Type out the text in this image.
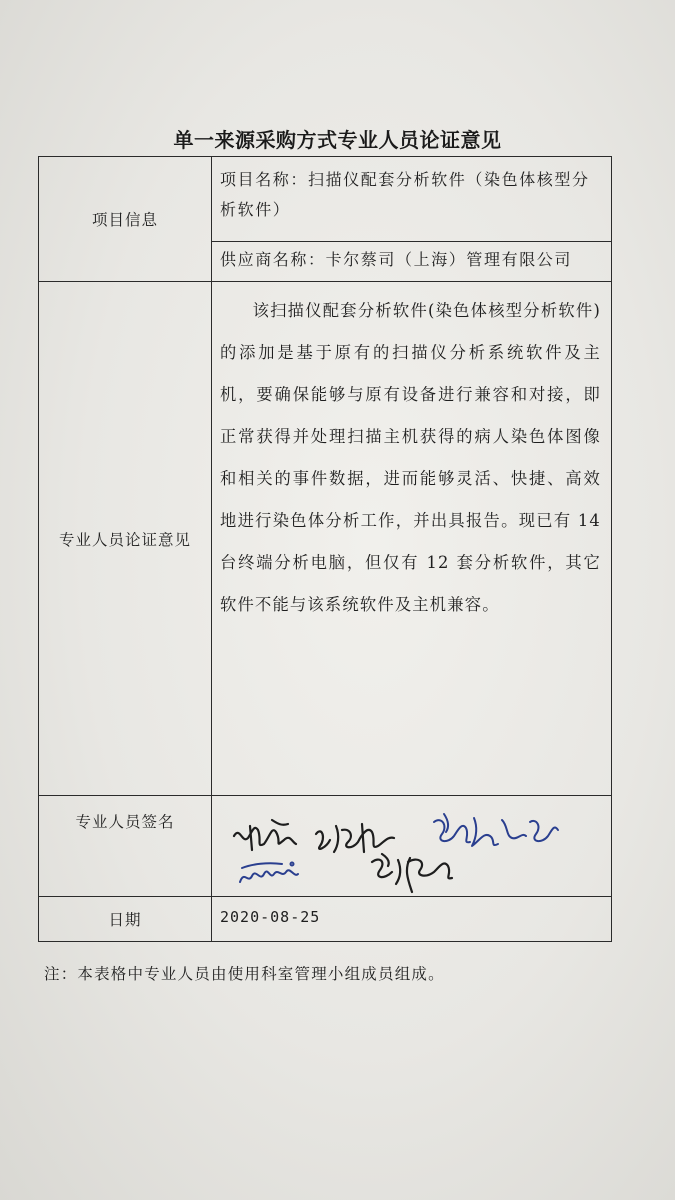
单一来源采购方式专业人员论证意见
项目信息	项目名称：扫描仪配套分析软件（染色体核型分析软件）

	供应商名称：卡尔蔡司（上海）管理有限公司

专业人员论证意见	该扫描仪配套分析软件(染色体核型分析软件)的添加是基于原有的扫描仪分析系统软件及主机，要确保能够与原有设备进行兼容和对接，即正常获得并处理扫描主机获得的病人染色体图像和相关的事件数据，进而能够灵活、快捷、高效地进行染色体分析工作，并出具报告。现已有 14 台终端分析电脑，但仅有 12 套分析软件，其它软件不能与该系统软件及主机兼容。

专业人员签名

日期	2020-08-25
注：本表格中专业人员由使用科室管理小组成员组成。
